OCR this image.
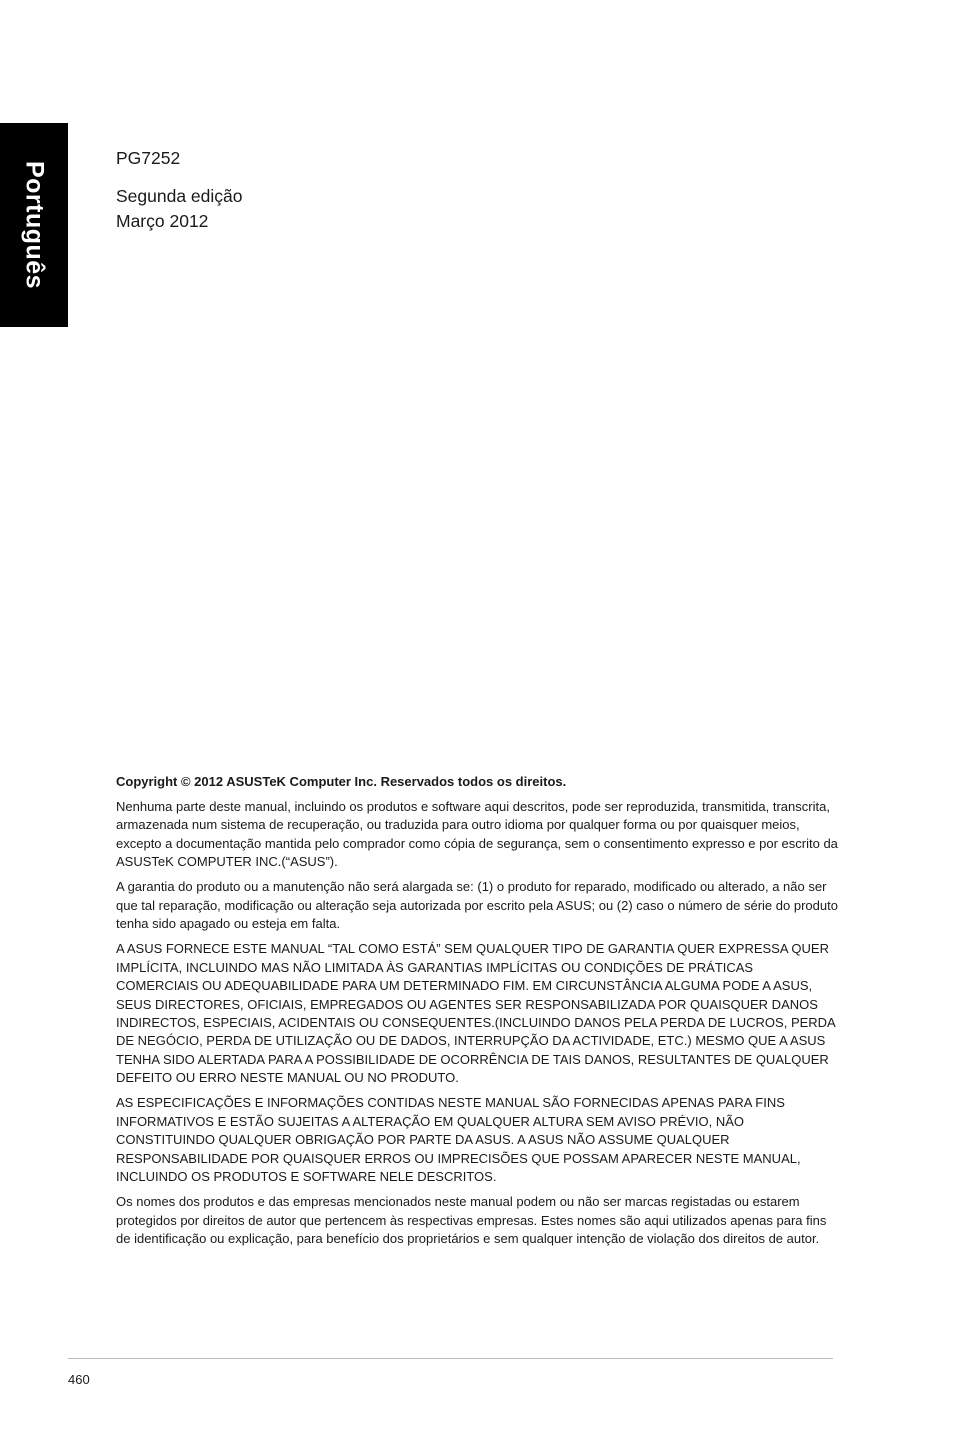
Português
PG7252
Segunda edição
Março 2012

Copyright © 2012 ASUSTeK Computer Inc. Reservados todos os direitos.

Nenhuma parte deste manual, incluindo os produtos e software aqui descritos, pode ser reproduzida, transmitida, transcrita, armazenada num sistema de recuperação, ou traduzida para outro idioma por qualquer forma ou por quaisquer meios, excepto a documentação mantida pelo comprador como cópia de segurança, sem o consentimento expresso e por escrito da ASUSTeK COMPUTER INC.(“ASUS”).

A garantia do produto ou a manutenção não será alargada se: (1) o produto for reparado, modificado ou alterado, a não ser que tal reparação, modificação ou alteração seja autorizada por escrito pela ASUS; ou (2) caso o número de série do produto tenha sido apagado ou esteja em falta.

A ASUS FORNECE ESTE MANUAL “TAL COMO ESTÁ” SEM QUALQUER TIPO DE GARANTIA QUER EXPRESSA QUER IMPLÍCITA, INCLUINDO MAS NÃO LIMITADA ÀS GARANTIAS IMPLÍCITAS OU CONDIÇÕES DE PRÁTICAS COMERCIAIS OU ADEQUABILIDADE PARA UM DETERMINADO FIM. EM CIRCUNSTÂNCIA ALGUMA PODE A ASUS, SEUS DIRECTORES, OFICIAIS, EMPREGADOS OU AGENTES SER RESPONSABILIZADA POR QUAISQUER DANOS INDIRECTOS, ESPECIAIS, ACIDENTAIS OU CONSEQUENTES.(INCLUINDO DANOS PELA PERDA DE LUCROS, PERDA DE NEGÓCIO, PERDA DE UTILIZAÇÃO OU DE DADOS, INTERRUPÇÃO DA ACTIVIDADE, ETC.) MESMO QUE A ASUS TENHA SIDO ALERTADA PARA A POSSIBILIDADE DE OCORRÊNCIA DE TAIS DANOS, RESULTANTES DE QUALQUER DEFEITO OU ERRO NESTE MANUAL OU NO PRODUTO.

AS ESPECIFICAÇÕES E INFORMAÇÕES CONTIDAS NESTE MANUAL SÃO FORNECIDAS APENAS PARA FINS INFORMATIVOS E ESTÃO SUJEITAS A ALTERAÇÃO EM QUALQUER ALTURA SEM AVISO PRÉVIO, NÃO CONSTITUINDO QUALQUER OBRIGAÇÃO POR PARTE DA ASUS. A ASUS NÃO ASSUME QUALQUER RESPONSABILIDADE POR QUAISQUER ERROS OU IMPRECISÕES QUE POSSAM APARECER NESTE MANUAL, INCLUINDO OS PRODUTOS E SOFTWARE NELE DESCRITOS.

Os nomes dos produtos e das empresas mencionados neste manual podem ou não ser marcas registadas ou estarem protegidos por direitos de autor que pertencem às respectivas empresas. Estes nomes são aqui utilizados apenas para fins de identificação ou explicação, para benefício dos proprietários e sem qualquer intenção de violação dos direitos de autor.

460
